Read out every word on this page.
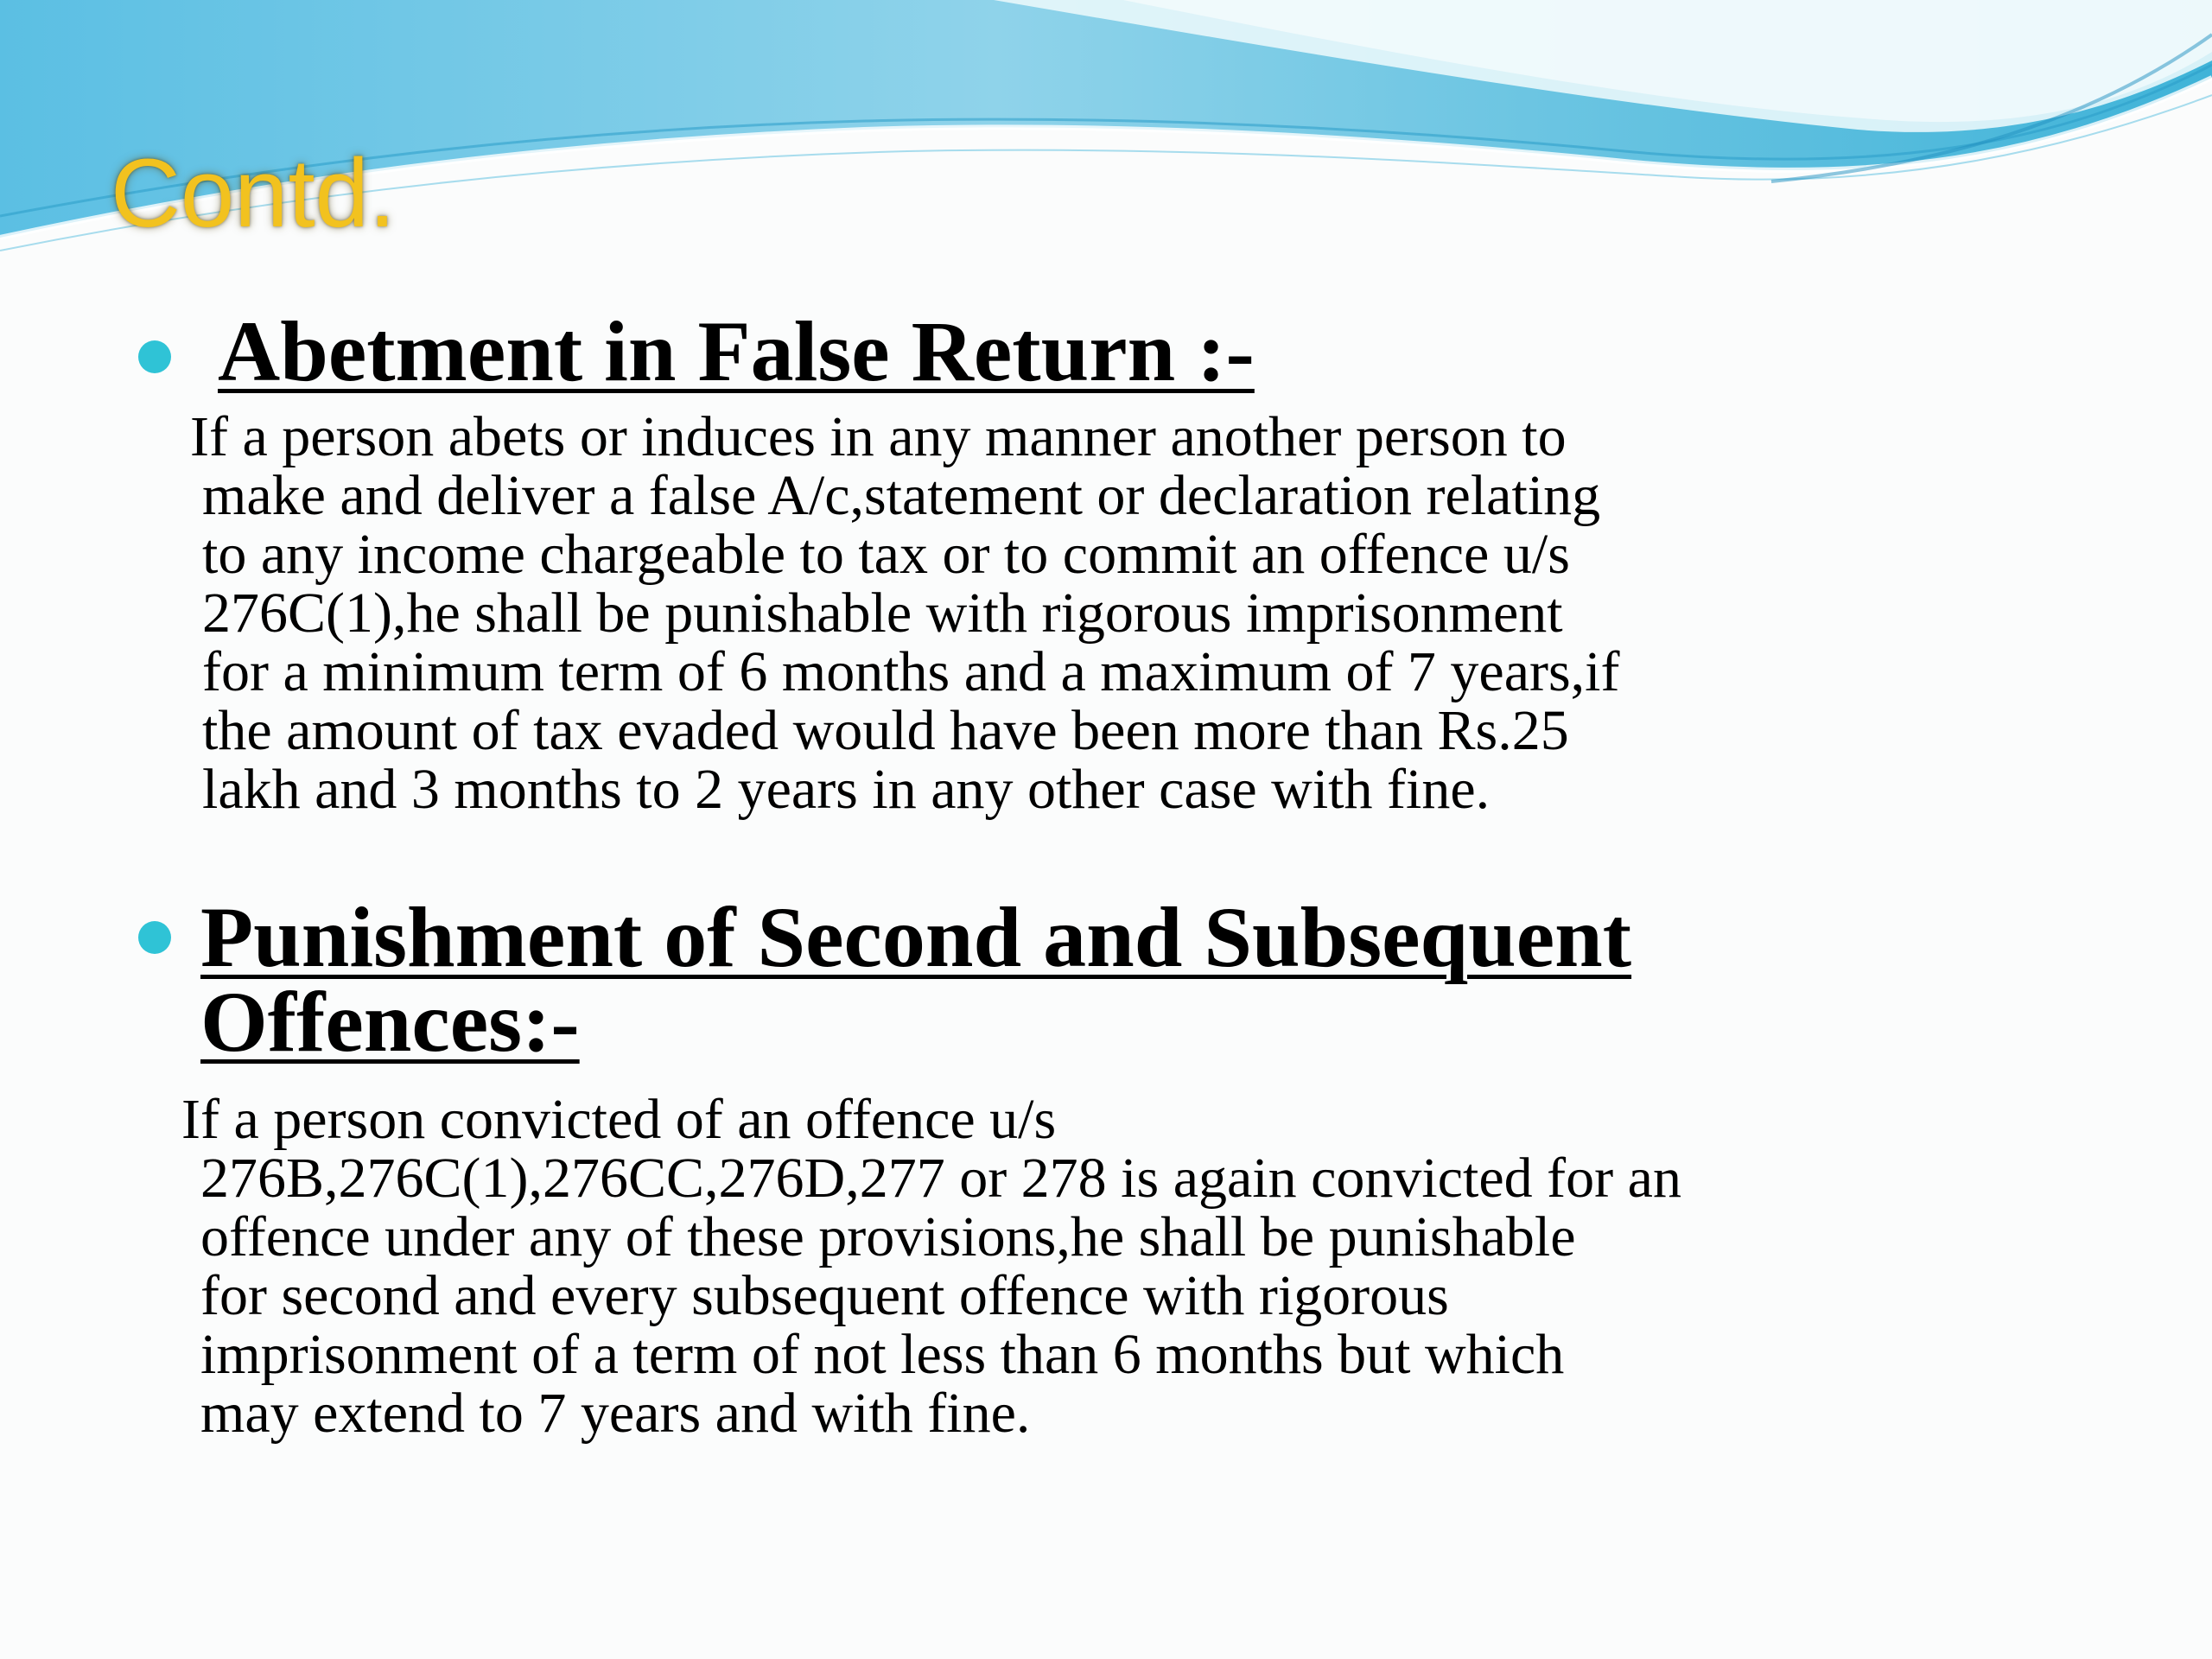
Contd.
Abetment in False Return :-

If a person abets or induces in any manner another person to
make and deliver a false A/c,statement or declaration relating
to any income chargeable to tax or to commit an offence u/s
276C(1),he shall be punishable with rigorous imprisonment
for a minimum term of 6 months and a maximum of 7 years,if
the amount of tax evaded would have been more than Rs.25
lakh and 3 months to 2 years in any other case with fine.

Punishment of Second and Subsequent
Offences:-

If a person convicted of an offence u/s
276B,276C(1),276CC,276D,277 or 278 is again convicted for an
offence under any of these provisions,he shall be punishable
for second and every subsequent offence with rigorous
imprisonment of a term of not less than 6 months but which
may extend to 7 years and with fine.
